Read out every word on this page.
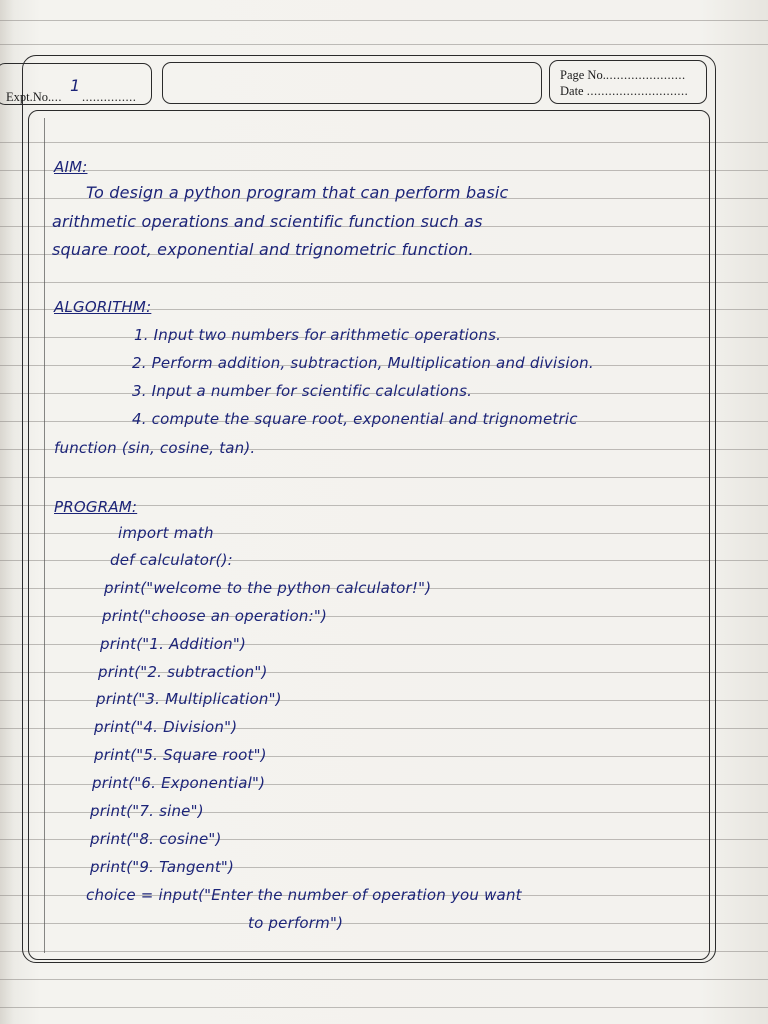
Expt.No....
1
...............
Page No.......................
Date ............................
AIM:
To design a python program that can perform basic
arithmetic operations and scientific function such as
square root, exponential and trignometric function.
ALGORITHM:
1. Input two numbers for arithmetic operations.
2. Perform addition, subtraction, Multiplication and division.
3. Input a number for scientific calculations.
4. compute the square root, exponential and trignometric
function (sin, cosine, tan).
PROGRAM:
import math
def calculator():
print("welcome to the python calculator!")
print("choose an operation:")
print("1. Addition")
print("2. subtraction")
print("3. Multiplication")
print("4. Division")
print("5. Square root")
print("6. Exponential")
print("7. sine")
print("8. cosine")
print("9. Tangent")
choice = input("Enter the number of operation you want
to perform")
